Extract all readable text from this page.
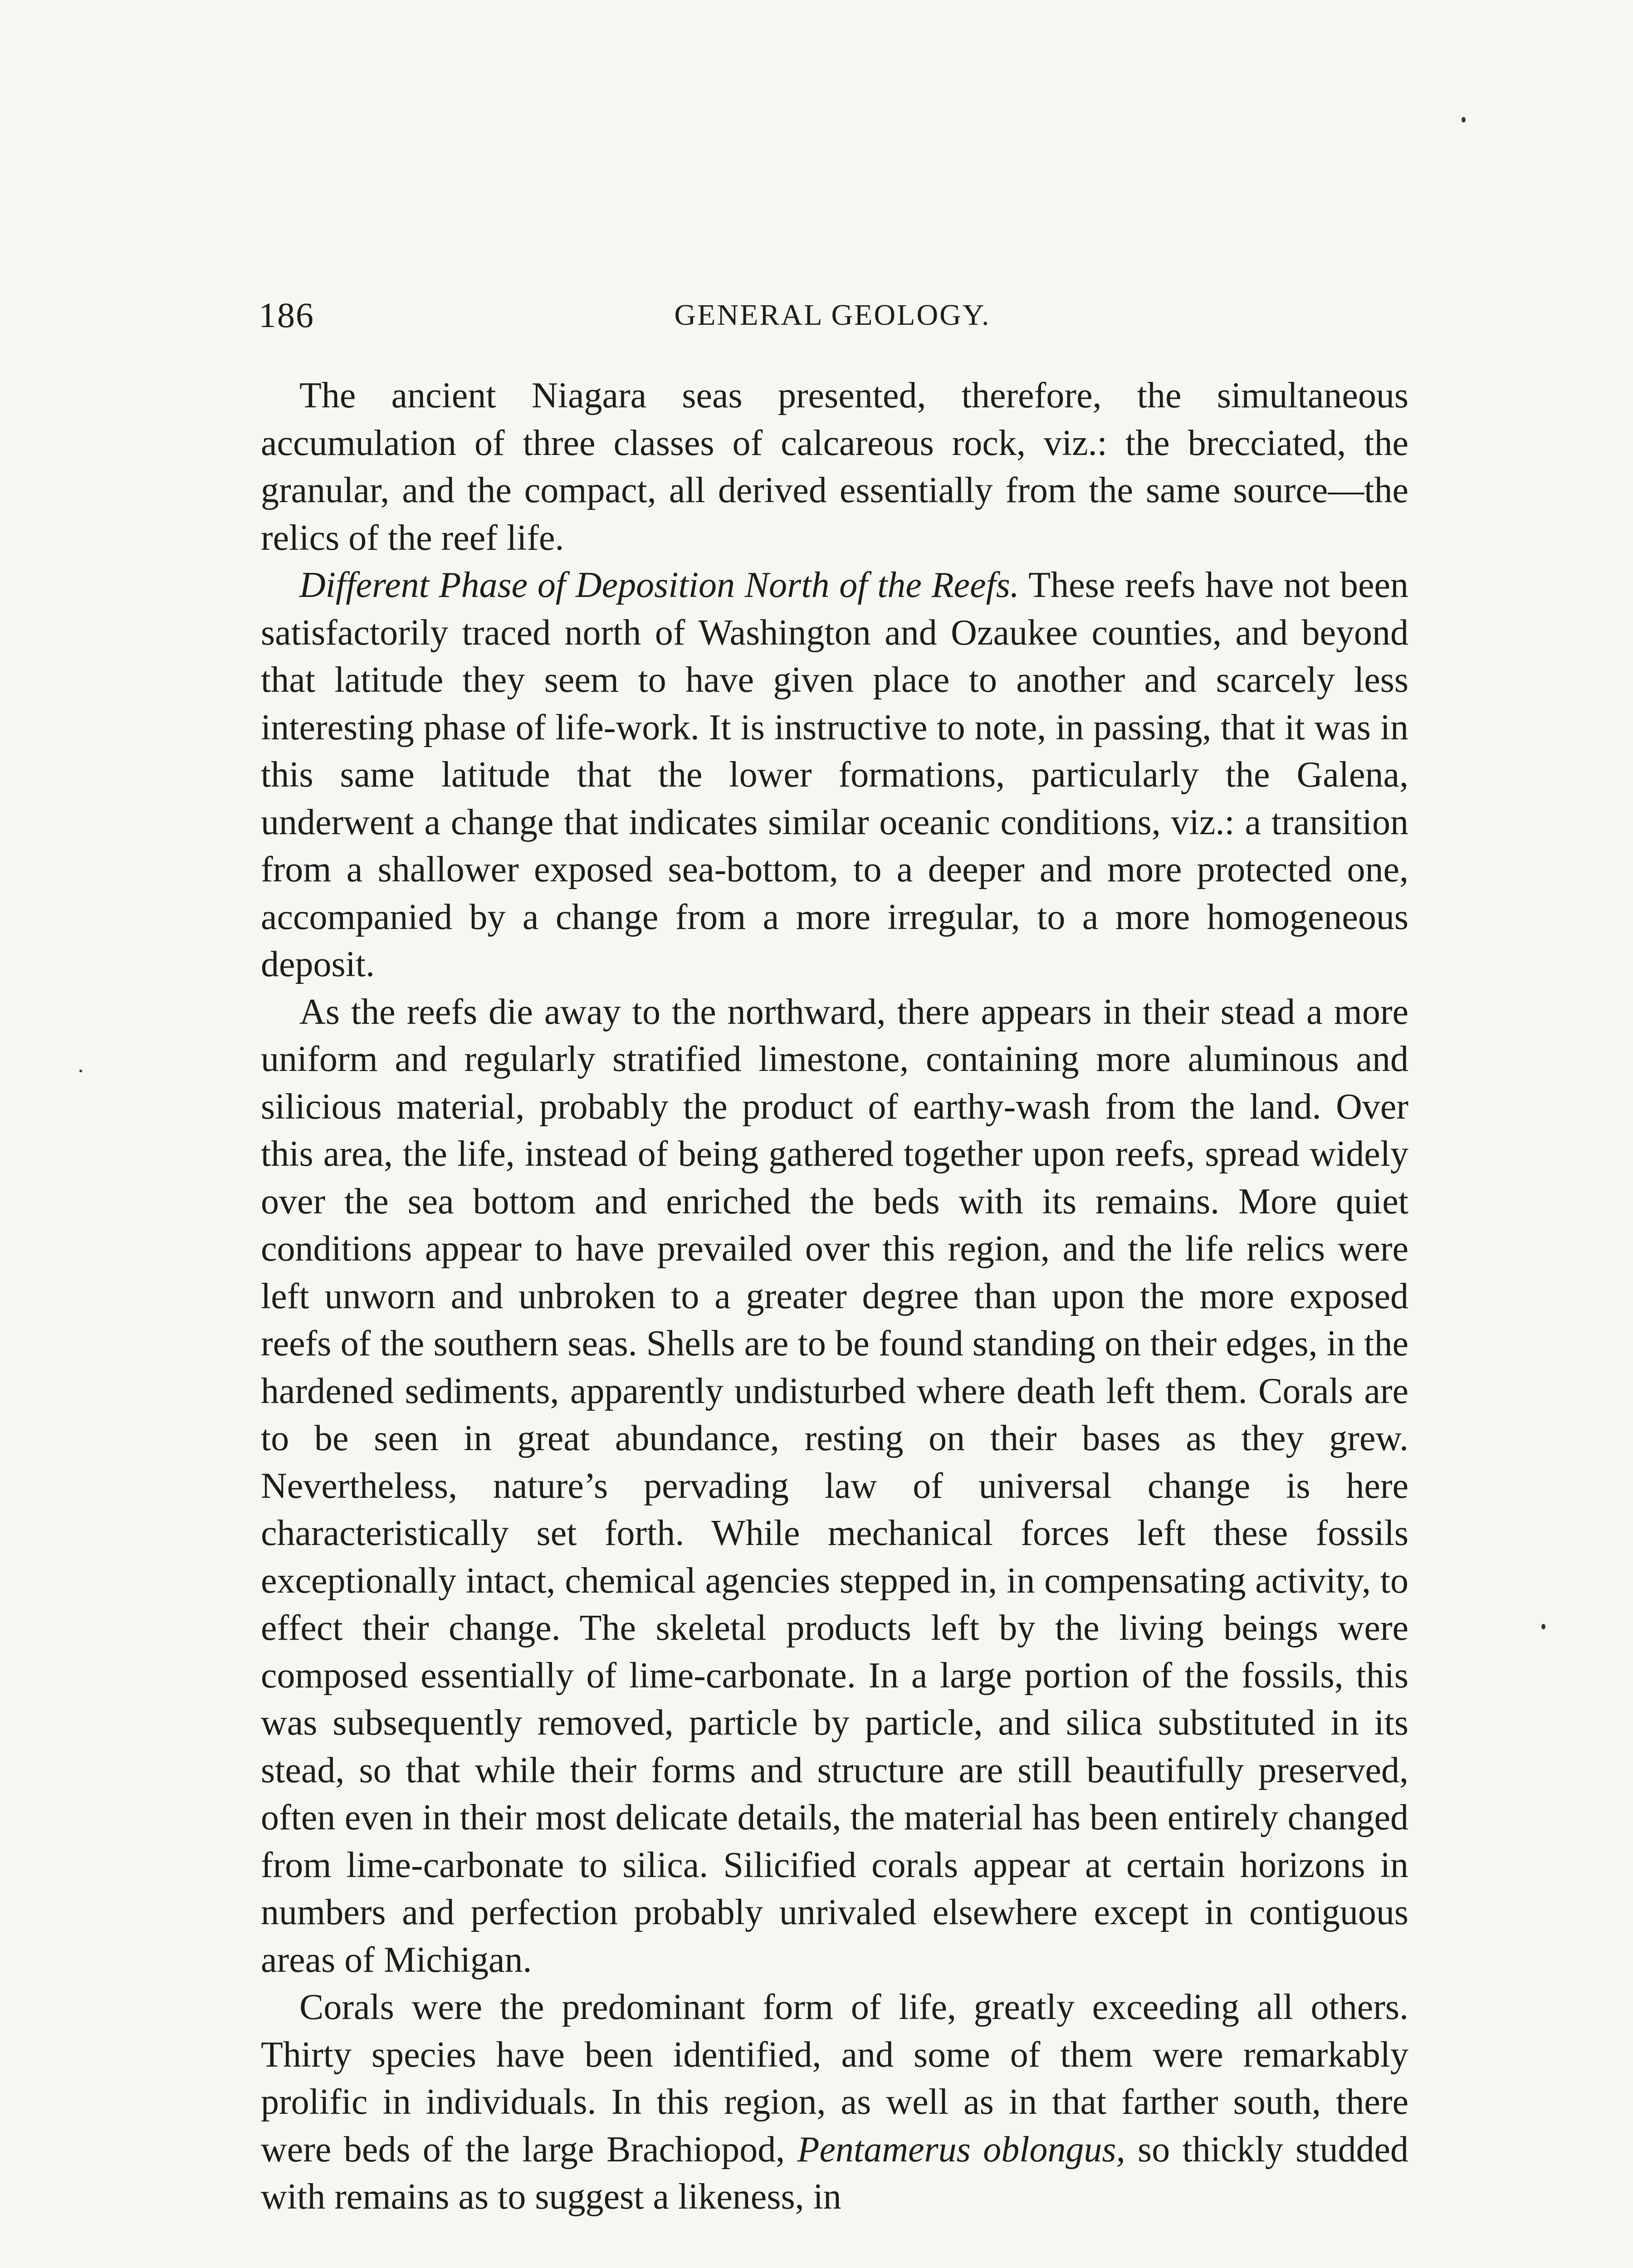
186	GENERAL GEOLOGY.

The ancient Niagara seas presented, therefore, the simultaneous accumulation of three classes of calcareous rock, viz.: the brecciated, the granular, and the compact, all derived essentially from the same source—the relics of the reef life.

Different Phase of Deposition North of the Reefs. These reefs have not been satisfactorily traced north of Washington and Ozaukee counties, and beyond that latitude they seem to have given place to another and scarcely less interesting phase of life-work. It is instructive to note, in passing, that it was in this same latitude that the lower formations, particularly the Galena, underwent a change that indicates similar oceanic conditions, viz.: a transition from a shallower exposed sea-bottom, to a deeper and more protected one, accompanied by a change from a more irregular, to a more homogeneous deposit.

As the reefs die away to the northward, there appears in their stead a more uniform and regularly stratified limestone, containing more aluminous and silicious material, probably the product of earthy-wash from the land. Over this area, the life, instead of being gathered together upon reefs, spread widely over the sea bottom and enriched the beds with its remains. More quiet conditions appear to have prevailed over this region, and the life relics were left unworn and unbroken to a greater degree than upon the more exposed reefs of the southern seas. Shells are to be found standing on their edges, in the hardened sediments, apparently undisturbed where death left them. Corals are to be seen in great abundance, resting on their bases as they grew. Nevertheless, nature’s pervading law of universal change is here characteristically set forth. While mechanical forces left these fossils exceptionally intact, chemical agencies stepped in, in compensating activity, to effect their change. The skeletal products left by the living beings were composed essentially of lime-carbonate. In a large portion of the fossils, this was subsequently removed, particle by particle, and silica substituted in its stead, so that while their forms and structure are still beautifully preserved, often even in their most delicate details, the material has been entirely changed from lime-carbonate to silica. Silicified corals appear at certain horizons in numbers and perfection probably unrivaled elsewhere except in contiguous areas of Michigan.

Corals were the predominant form of life, greatly exceeding all others. Thirty species have been identified, and some of them were remarkably prolific in individuals. In this region, as well as in that farther south, there were beds of the large Brachiopod, Pentamerus oblongus, so thickly studded with remains as to suggest a likeness, in
